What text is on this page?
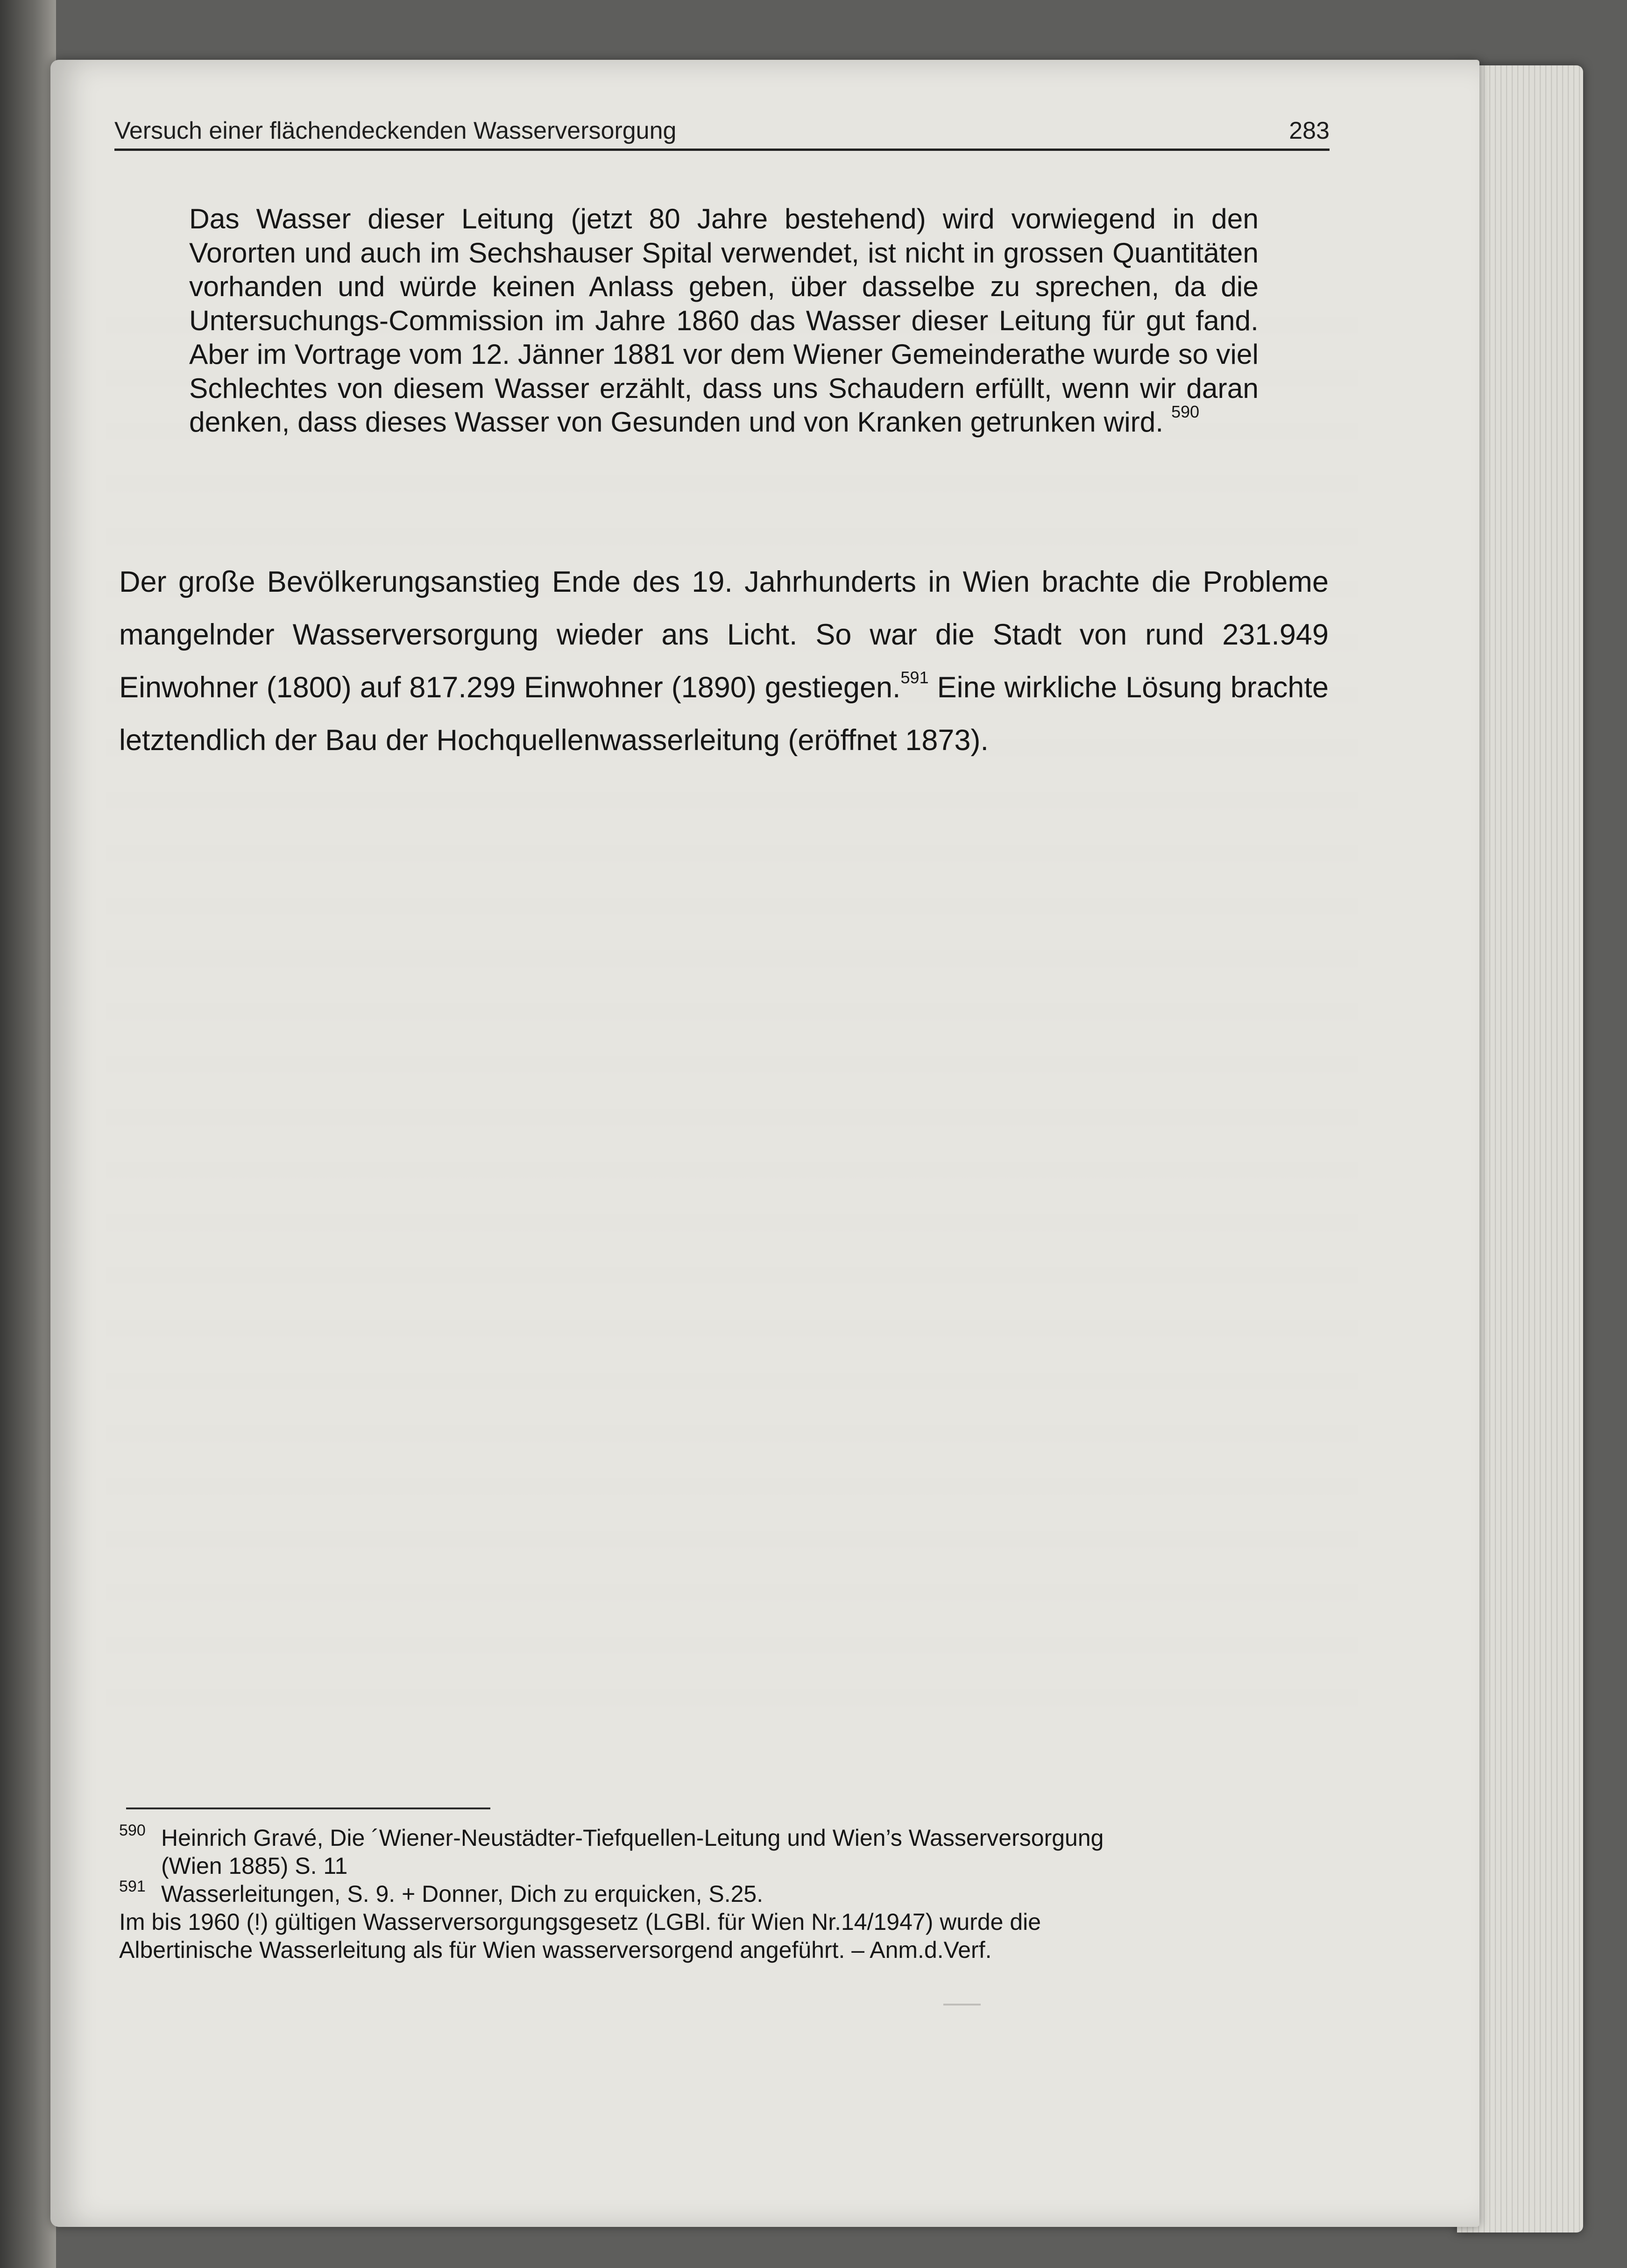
Versuch einer flächendeckenden Wasserversorgung	283

Das Wasser dieser Leitung (jetzt 80 Jahre bestehend) wird vorwiegend in den Vororten und auch im Sechshauser Spital verwendet, ist nicht in grossen Quantitäten vorhanden und würde keinen Anlass geben, über dasselbe zu sprechen, da die Untersuchungs-Commission im Jahre 1860 das Wasser dieser Leitung für gut fand. Aber im Vortrage vom 12. Jänner 1881 vor dem Wiener Gemeinderathe wurde so viel Schlechtes von diesem Wasser erzählt, dass uns Schaudern erfüllt, wenn wir daran denken, dass dieses Wasser von Gesunden und von Kranken getrunken wird. $^{590}$

Der große Bevölkerungsanstieg Ende des 19. Jahrhunderts in Wien brachte die Probleme mangelnder Wasserversorgung wieder ans Licht. So war die Stadt von rund 231.949 Einwohner (1800) auf 817.299 Einwohner (1890) gestiegen.$^{591}$ Eine wirkliche Lösung brachte letztendlich der Bau der Hochquellenwasserleitung (eröffnet 1873).

590 Heinrich Gravé, Die ´Wiener-Neustädter-Tiefquellen-Leitung und Wien’s Wasserversorgung
(Wien 1885) S. 11
591 Wasserleitungen, S. 9. + Donner, Dich zu erquicken, S.25.
Im bis 1960 (!) gültigen Wasserversorgungsgesetz (LGBl. für Wien Nr.14/1947) wurde die
Albertinische Wasserleitung als für Wien wasserversorgend angeführt. – Anm.d.Verf.
